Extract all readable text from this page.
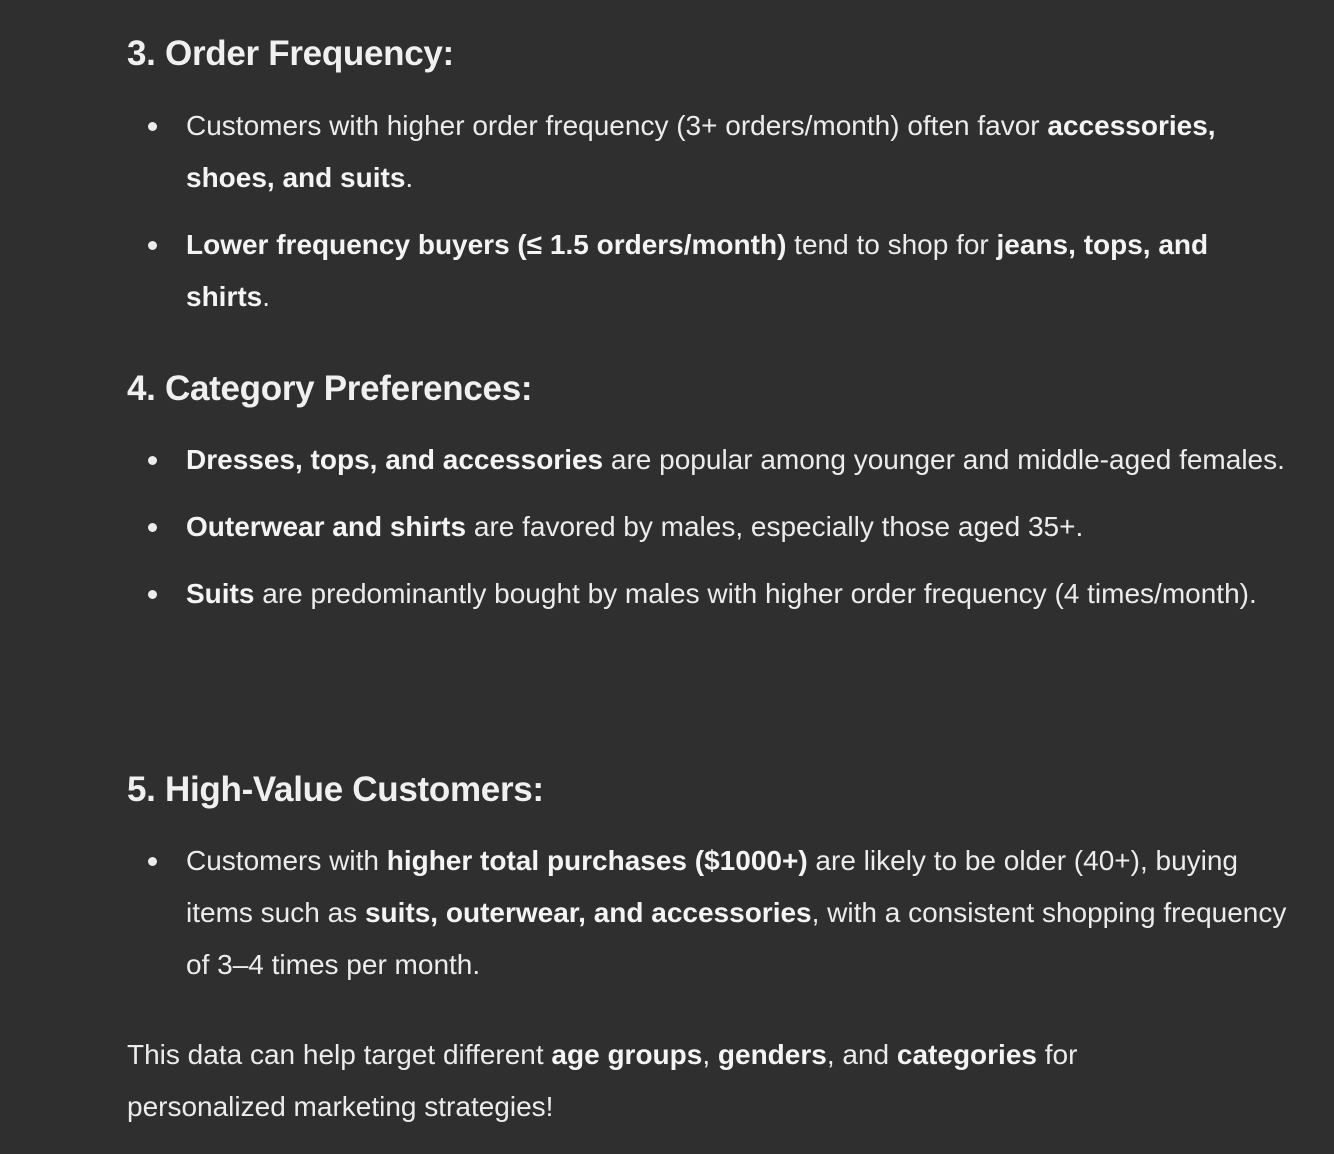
3. Order Frequency:
Customers with higher order frequency (3+ orders/month) often favor accessories, shoes, and suits.
Lower frequency buyers (≤ 1.5 orders/month) tend to shop for jeans, tops, and shirts.
4. Category Preferences:
Dresses, tops, and accessories are popular among younger and middle-aged females.
Outerwear and shirts are favored by males, especially those aged 35+.
Suits are predominantly bought by males with higher order frequency (4 times/month).
5. High-Value Customers:
Customers with higher total purchases ($1000+) are likely to be older (40+), buying items such as suits, outerwear, and accessories, with a consistent shopping frequency of 3–4 times per month.

This data can help target different age groups, genders, and categories for personalized marketing strategies!
